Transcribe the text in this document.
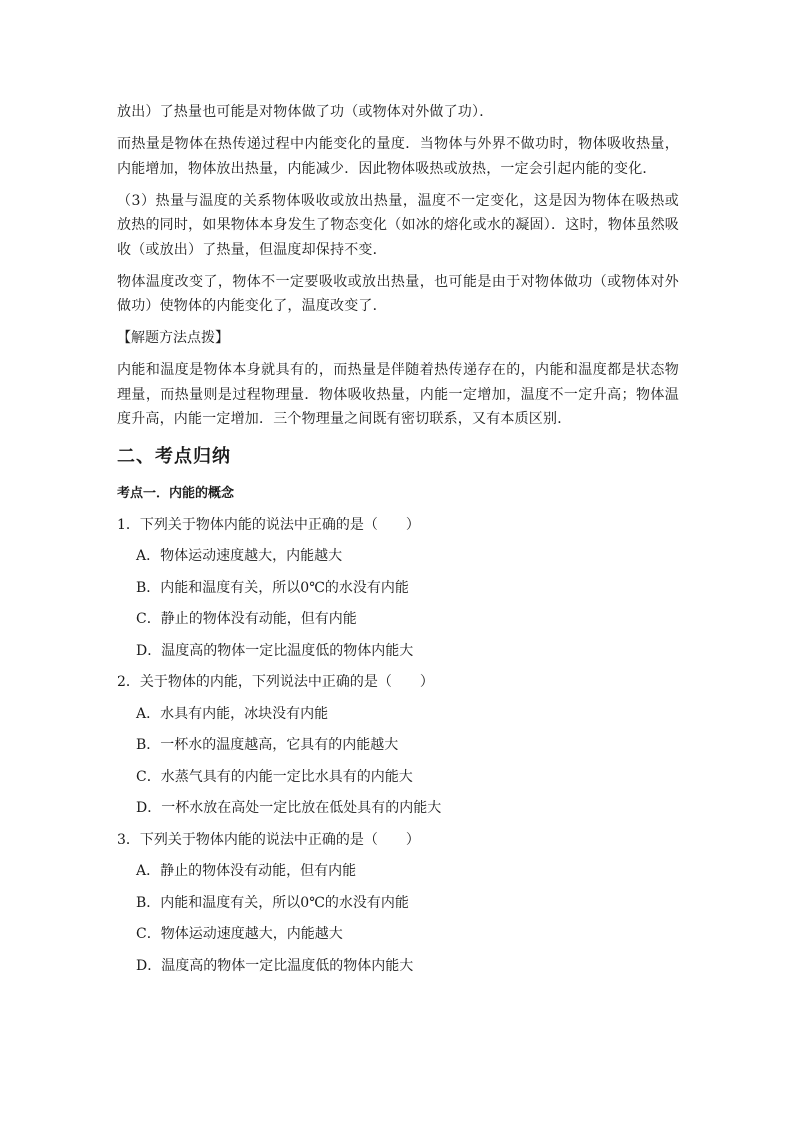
放出）了热量也可能是对物体做了功（或物体对外做了功）．

而热量是物体在热传递过程中内能变化的量度．当物体与外界不做功时，物体吸收热量，内能增加，物体放出热量，内能减少．因此物体吸热或放热，一定会引起内能的变化．

（3）热量与温度的关系物体吸收或放出热量，温度不一定变化，这是因为物体在吸热或放热的同时，如果物体本身发生了物态变化（如冰的熔化或水的凝固）．这时，物体虽然吸收（或放出）了热量，但温度却保持不变．

物体温度改变了，物体不一定要吸收或放出热量，也可能是由于对物体做功（或物体对外做功）使物体的内能变化了，温度改变了．

【解题方法点拨】

内能和温度是物体本身就具有的，而热量是伴随着热传递存在的，内能和温度都是状态物理量，而热量则是过程物理量．物体吸收热量，内能一定增加，温度不一定升高；物体温度升高，内能一定增加．三个物理量之间既有密切联系，又有本质区别．

二、考点归纳
考点一．内能的概念

1．下列关于物体内能的说法中正确的是（　　）

A．物体运动速度越大，内能越大
B．内能和温度有关，所以0℃的水没有内能
C．静止的物体没有动能，但有内能
D．温度高的物体一定比温度低的物体内能大

2．关于物体的内能，下列说法中正确的是（　　）

A．水具有内能，冰块没有内能
B．一杯水的温度越高，它具有的内能越大
C．水蒸气具有的内能一定比水具有的内能大
D．一杯水放在高处一定比放在低处具有的内能大

3．下列关于物体内能的说法中正确的是（　　）

A．静止的物体没有动能，但有内能
B．内能和温度有关，所以0℃的水没有内能
C．物体运动速度越大，内能越大
D．温度高的物体一定比温度低的物体内能大
